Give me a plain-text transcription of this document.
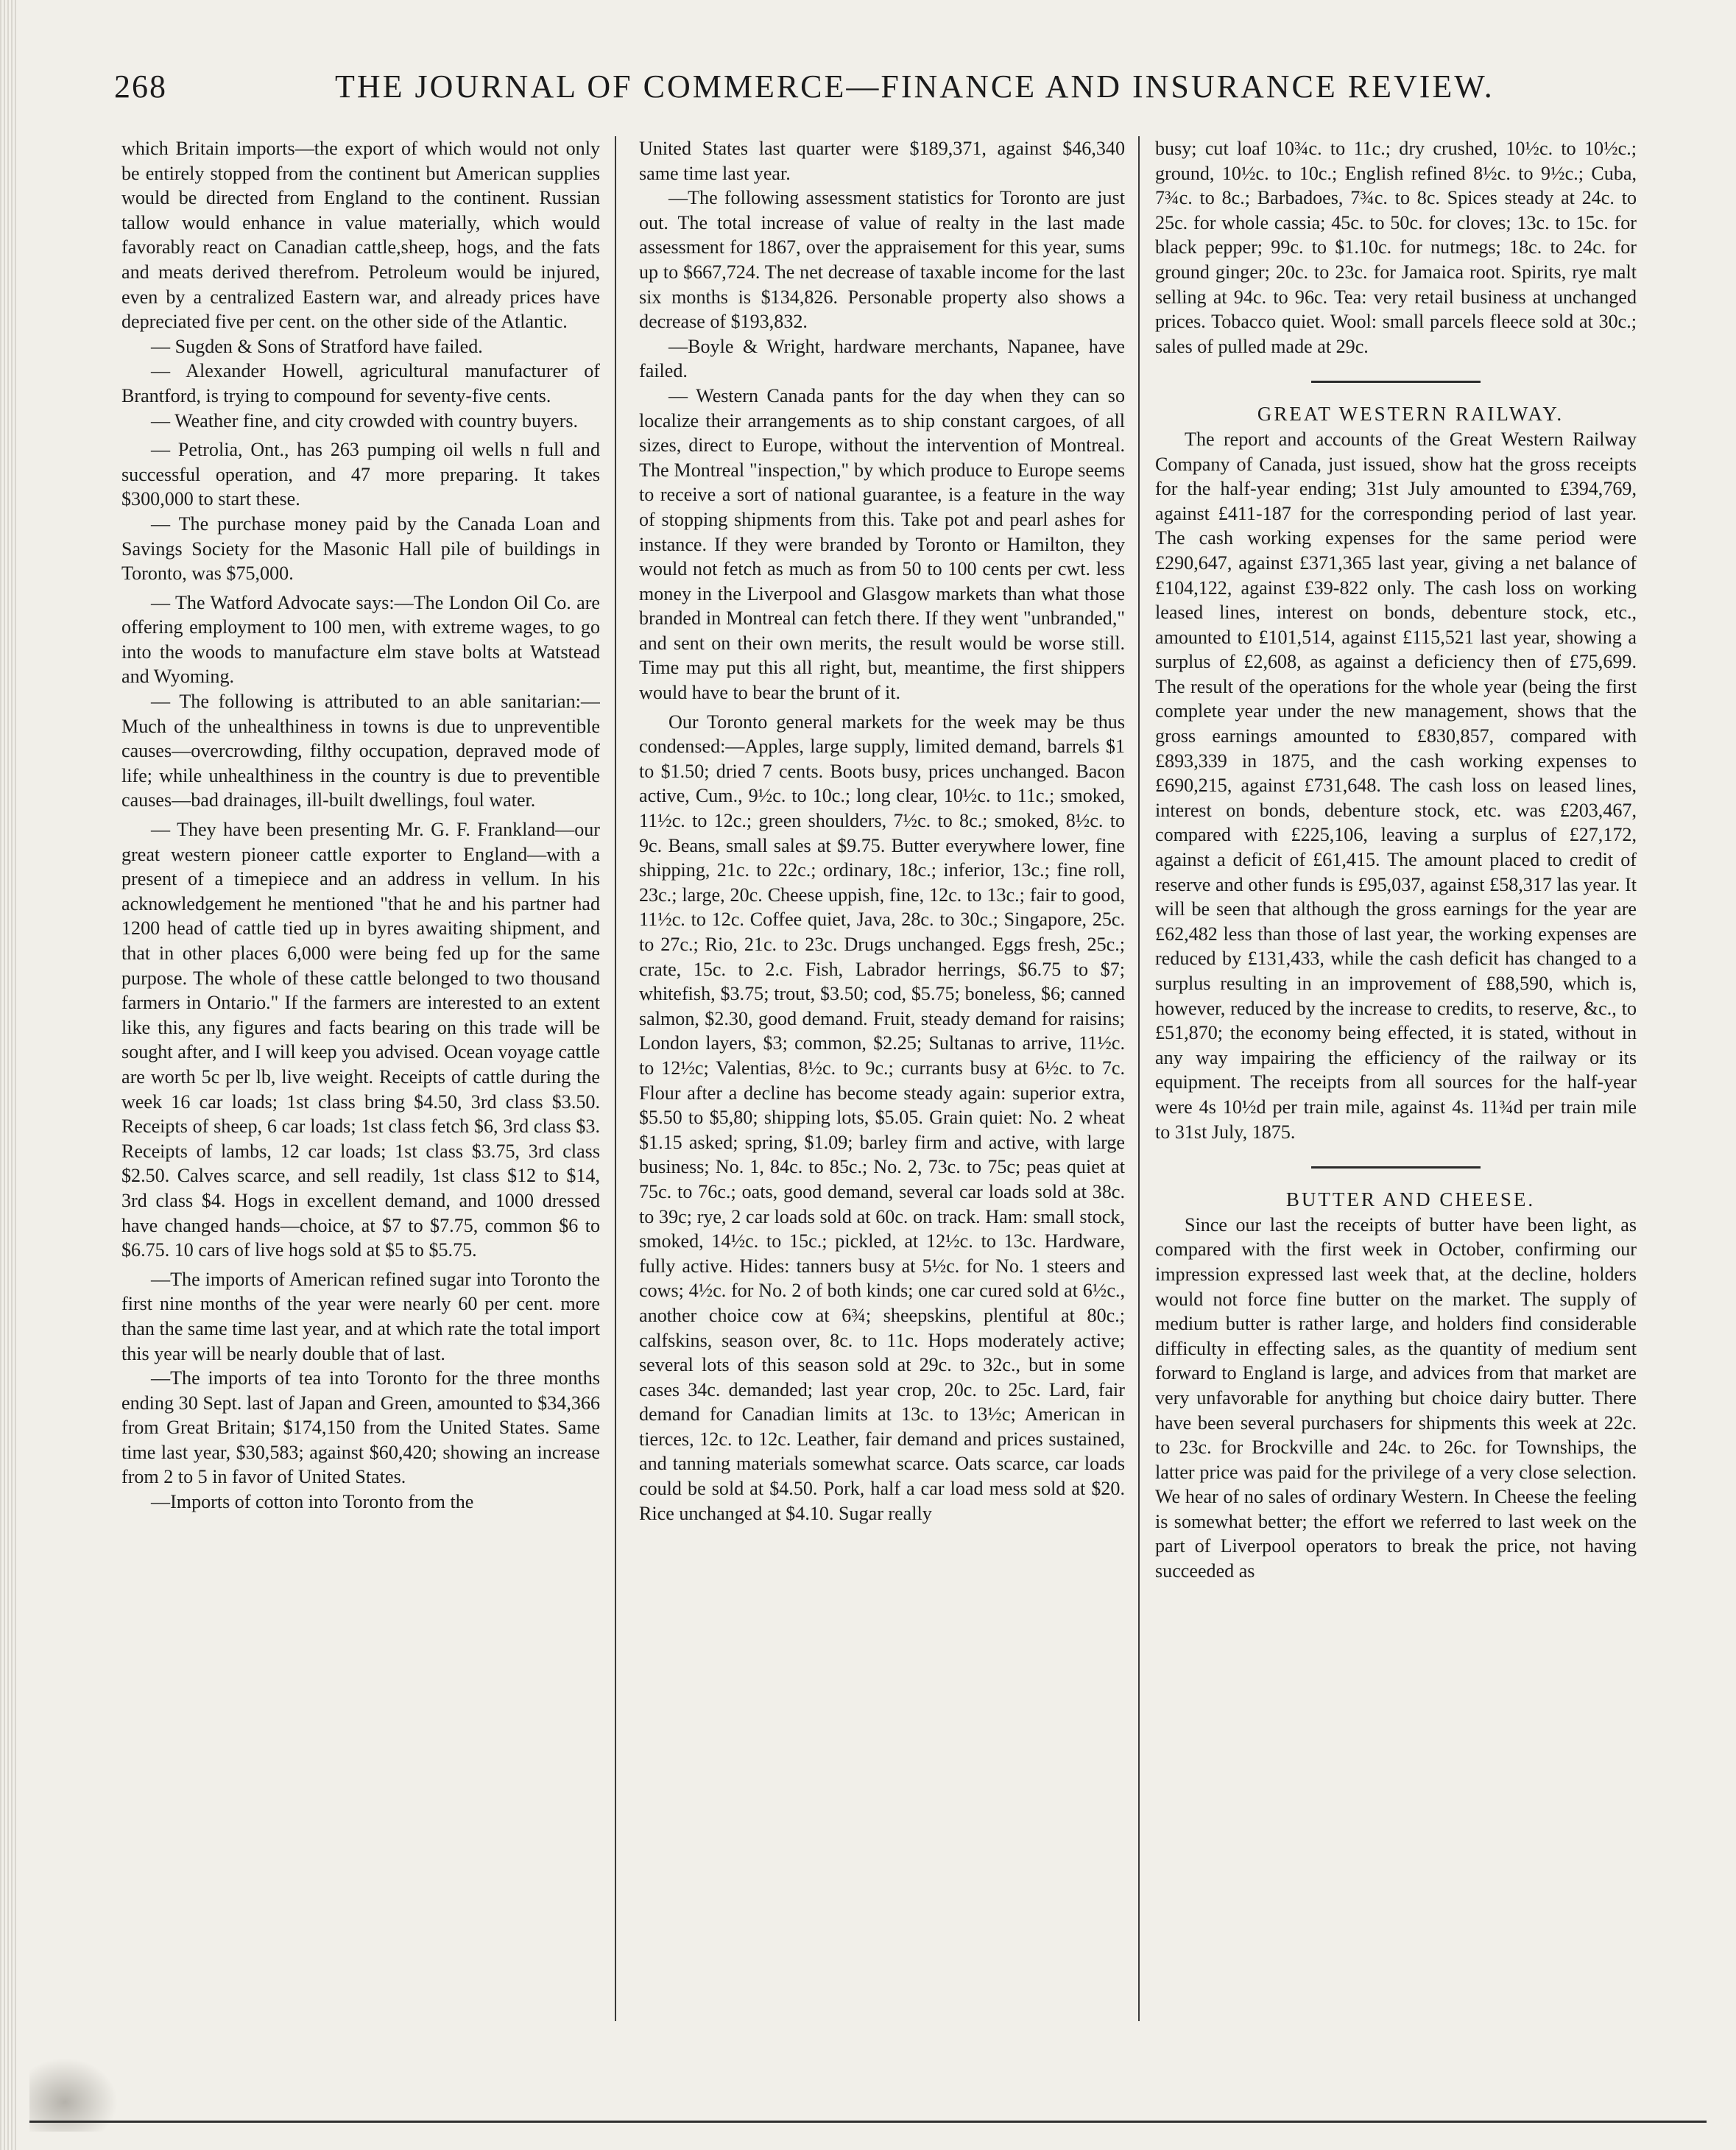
268	THE JOURNAL OF COMMERCE—FINANCE AND INSURANCE REVIEW.

which Britain imports—the export of which would not only be entirely stopped from the continent but American supplies would be directed from England to the continent. Russian tallow would enhance in value materially, which would favorably react on Canadian cattle,sheep, hogs, and the fats and meats derived therefrom. Petroleum would be injured, even by a centralized Eastern war, and already prices have depreciated five per cent. on the other side of the Atlantic.

— Sugden & Sons of Stratford have failed.

— Alexander Howell, agricultural manufacturer of Brantford, is trying to compound for seventy-five cents.

— Weather fine, and city crowded with country buyers.

— Petrolia, Ont., has 263 pumping oil wells n full and successful operation, and 47 more preparing. It takes $300,000 to start these.

— The purchase money paid by the Canada Loan and Savings Society for the Masonic Hall pile of buildings in Toronto, was $75,000.

— The Watford Advocate says:—The London Oil Co. are offering employment to 100 men, with extreme wages, to go into the woods to manufacture elm stave bolts at Watstead and Wyoming.

— The following is attributed to an able sanitarian:—Much of the unhealthiness in towns is due to unpreventible causes—overcrowding, filthy occupation, depraved mode of life; while unhealthiness in the country is due to preventible causes—bad drainages, ill-built dwellings, foul water.

— They have been presenting Mr. G. F. Frankland—our great western pioneer cattle exporter to England—with a present of a timepiece and an address in vellum. In his acknowledgement he mentioned "that he and his partner had 1200 head of cattle tied up in byres awaiting shipment, and that in other places 6,000 were being fed up for the same purpose. The whole of these cattle belonged to two thousand farmers in Ontario." If the farmers are interested to an extent like this, any figures and facts bearing on this trade will be sought after, and I will keep you advised. Ocean voyage cattle are worth 5c per lb, live weight. Receipts of cattle during the week 16 car loads; 1st class bring $4.50, 3rd class $3.50. Receipts of sheep, 6 car loads; 1st class fetch $6, 3rd class $3. Receipts of lambs, 12 car loads; 1st class $3.75, 3rd class $2.50. Calves scarce, and sell readily, 1st class $12 to $14, 3rd class $4. Hogs in excellent demand, and 1000 dressed have changed hands—choice, at $7 to $7.75, common $6 to $6.75. 10 cars of live hogs sold at $5 to $5.75.

—The imports of American refined sugar into Toronto the first nine months of the year were nearly 60 per cent. more than the same time last year, and at which rate the total import this year will be nearly double that of last.

—The imports of tea into Toronto for the three months ending 30 Sept. last of Japan and Green, amounted to $34,366 from Great Britain; $174,150 from the United States. Same time last year, $30,583; against $60,420; showing an increase from 2 to 5 in favor of United States.

—Imports of cotton into Toronto from the

United States last quarter were $189,371, against $46,340 same time last year.

—The following assessment statistics for Toronto are just out. The total increase of value of realty in the last made assessment for 1867, over the appraisement for this year, sums up to $667,724. The net decrease of taxable income for the last six months is $134,826. Personable property also shows a decrease of $193,832.

—Boyle & Wright, hardware merchants, Napanee, have failed.

— Western Canada pants for the day when they can so localize their arrangements as to ship constant cargoes, of all sizes, direct to Europe, without the intervention of Montreal. The Montreal "inspection," by which produce to Europe seems to receive a sort of national guarantee, is a feature in the way of stopping shipments from this. Take pot and pearl ashes for instance. If they were branded by Toronto or Hamilton, they would not fetch as much as from 50 to 100 cents per cwt. less money in the Liverpool and Glasgow markets than what those branded in Montreal can fetch there. If they went "unbranded," and sent on their own merits, the result would be worse still. Time may put this all right, but, meantime, the first shippers would have to bear the brunt of it.

Our Toronto general markets for the week may be thus condensed:—Apples, large supply, limited demand, barrels $1 to $1.50; dried 7 cents. Boots busy, prices unchanged. Bacon active, Cum., 9½c. to 10c.; long clear, 10½c. to 11c.; smoked, 11½c. to 12c.; green shoulders, 7½c. to 8c.; smoked, 8½c. to 9c. Beans, small sales at $9.75. Butter everywhere lower, fine shipping, 21c. to 22c.; ordinary, 18c.; inferior, 13c.; fine roll, 23c.; large, 20c. Cheese uppish, fine, 12c. to 13c.; fair to good, 11½c. to 12c. Coffee quiet, Java, 28c. to 30c.; Singapore, 25c. to 27c.; Rio, 21c. to 23c. Drugs unchanged. Eggs fresh, 25c.; crate, 15c. to 2.c. Fish, Labrador herrings, $6.75 to $7; whitefish, $3.75; trout, $3.50; cod, $5.75; boneless, $6; canned salmon, $2.30, good demand. Fruit, steady demand for raisins; London layers, $3; common, $2.25; Sultanas to arrive, 11½c. to 12½c; Valentias, 8½c. to 9c.; currants busy at 6½c. to 7c. Flour after a decline has become steady again: superior extra, $5.50 to $5,80; shipping lots, $5.05. Grain quiet: No. 2 wheat $1.15 asked; spring, $1.09; barley firm and active, with large business; No. 1, 84c. to 85c.; No. 2, 73c. to 75c; peas quiet at 75c. to 76c.; oats, good demand, several car loads sold at 38c. to 39c; rye, 2 car loads sold at 60c. on track. Ham: small stock, smoked, 14½c. to 15c.; pickled, at 12½c. to 13c. Hardware, fully active. Hides: tanners busy at 5½c. for No. 1 steers and cows; 4½c. for No. 2 of both kinds; one car cured sold at 6½c., another choice cow at 6¾; sheepskins, plentiful at 80c.; calfskins, season over, 8c. to 11c. Hops moderately active; several lots of this season sold at 29c. to 32c., but in some cases 34c. demanded; last year crop, 20c. to 25c. Lard, fair demand for Canadian limits at 13c. to 13½c; American in tierces, 12c. to 12c. Leather, fair demand and prices sustained, and tanning materials somewhat scarce. Oats scarce, car loads could be sold at $4.50. Pork, half a car load mess sold at $20. Rice unchanged at $4.10. Sugar really

busy; cut loaf 10¾c. to 11c.; dry crushed, 10½c. to 10½c.; ground, 10½c. to 10c.; English refined 8½c. to 9½c.; Cuba, 7¾c. to 8c.; Barbadoes, 7¾c. to 8c. Spices steady at 24c. to 25c. for whole cassia; 45c. to 50c. for cloves; 13c. to 15c. for black pepper; 99c. to $1.10c. for nutmegs; 18c. to 24c. for ground ginger; 20c. to 23c. for Jamaica root. Spirits, rye malt selling at 94c. to 96c. Tea: very retail business at unchanged prices. Tobacco quiet. Wool: small parcels fleece sold at 30c.; sales of pulled made at 29c.

GREAT WESTERN RAILWAY.

The report and accounts of the Great Western Railway Company of Canada, just issued, show hat the gross receipts for the half-year ending; 31st July amounted to £394,769, against £411-187 for the corresponding period of last year. The cash working expenses for the same period were £290,647, against £371,365 last year, giving a net balance of £104,122, against £39-822 only. The cash loss on working leased lines, interest on bonds, debenture stock, etc., amounted to £101,514, against £115,521 last year, showing a surplus of £2,608, as against a deficiency then of £75,699. The result of the operations for the whole year (being the first complete year under the new management, shows that the gross earnings amounted to £830,857, compared with £893,339 in 1875, and the cash working expenses to £690,215, against £731,648. The cash loss on leased lines, interest on bonds, debenture stock, etc. was £203,467, compared with £225,106, leaving a surplus of £27,172, against a deficit of £61,415. The amount placed to credit of reserve and other funds is £95,037, against £58,317 las year. It will be seen that although the gross earnings for the year are £62,482 less than those of last year, the working expenses are reduced by £131,433, while the cash deficit has changed to a surplus resulting in an improvement of £88,590, which is, however, reduced by the increase to credits, to reserve, &c., to £51,870; the economy being effected, it is stated, without in any way impairing the efficiency of the railway or its equipment. The receipts from all sources for the half-year were 4s 10½d per train mile, against 4s. 11¾d per train mile to 31st July, 1875.

BUTTER AND CHEESE.

Since our last the receipts of butter have been light, as compared with the first week in October, confirming our impression expressed last week that, at the decline, holders would not force fine butter on the market. The supply of medium butter is rather large, and holders find considerable difficulty in effecting sales, as the quantity of medium sent forward to England is large, and advices from that market are very unfavorable for anything but choice dairy butter. There have been several purchasers for shipments this week at 22c. to 23c. for Brockville and 24c. to 26c. for Townships, the latter price was paid for the privilege of a very close selection. We hear of no sales of ordinary Western. In Cheese the feeling is somewhat better; the effort we referred to last week on the part of Liverpool operators to break the price, not having succeeded as
